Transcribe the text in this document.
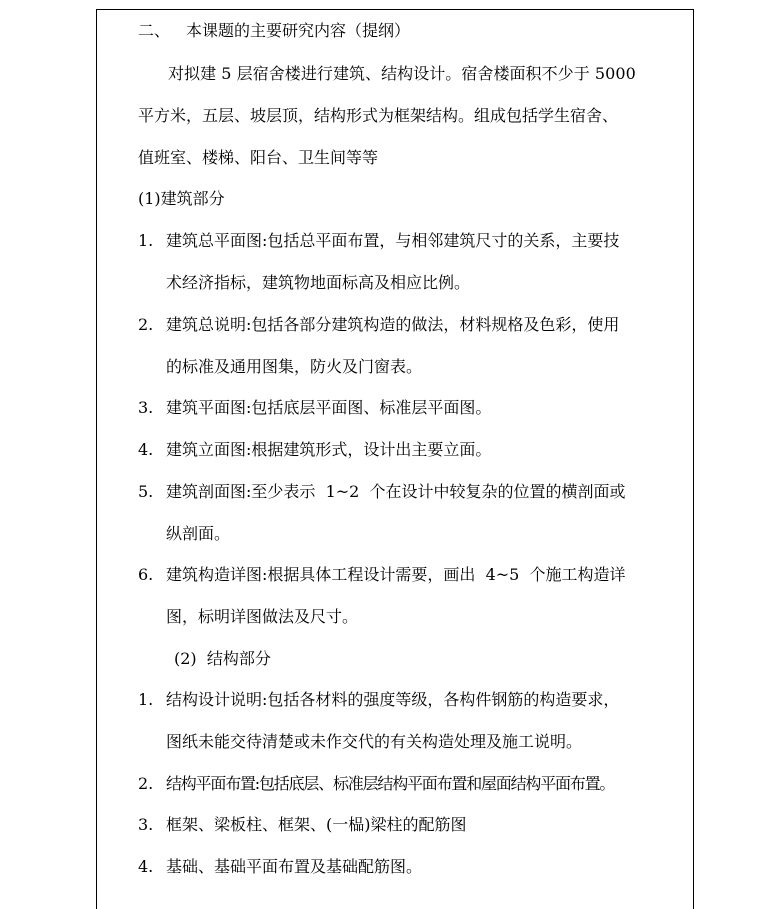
二、 本课题的主要研究内容（提纲）
对拟建 5 层宿舍楼进行建筑、结构设计。宿舍楼面积不少于 5000
平方米，五层、坡层顶，结构形式为框架结构。组成包括学生宿舍、
值班室、楼梯、阳台、卫生间等等
(1)建筑部分
1. 建筑总平面图:包括总平面布置，与相邻建筑尺寸的关系，主要技
术经济指标，建筑物地面标高及相应比例。
2. 建筑总说明:包括各部分建筑构造的做法，材料规格及色彩，使用
的标准及通用图集，防火及门窗表。
3. 建筑平面图:包括底层平面图、标准层平面图。
4. 建筑立面图:根据建筑形式，设计出主要立面。
5. 建筑剖面图:至少表示  1~2  个在设计中较复杂的位置的横剖面或
纵剖面。
6. 建筑构造详图:根据具体工程设计需要，画出  4~5  个施工构造详
图，标明详图做法及尺寸。
(2)  结构部分
1. 结构设计说明:包括各材料的强度等级，各构件钢筋的构造要求，
图纸未能交待清楚或未作交代的有关构造处理及施工说明。
2. 结构平面布置:包括底层、标准层结构平面布置和屋面结构平面布置。
3. 框架、梁板柱、框架、(一榀)梁柱的配筋图
4. 基础、基础平面布置及基础配筋图。
